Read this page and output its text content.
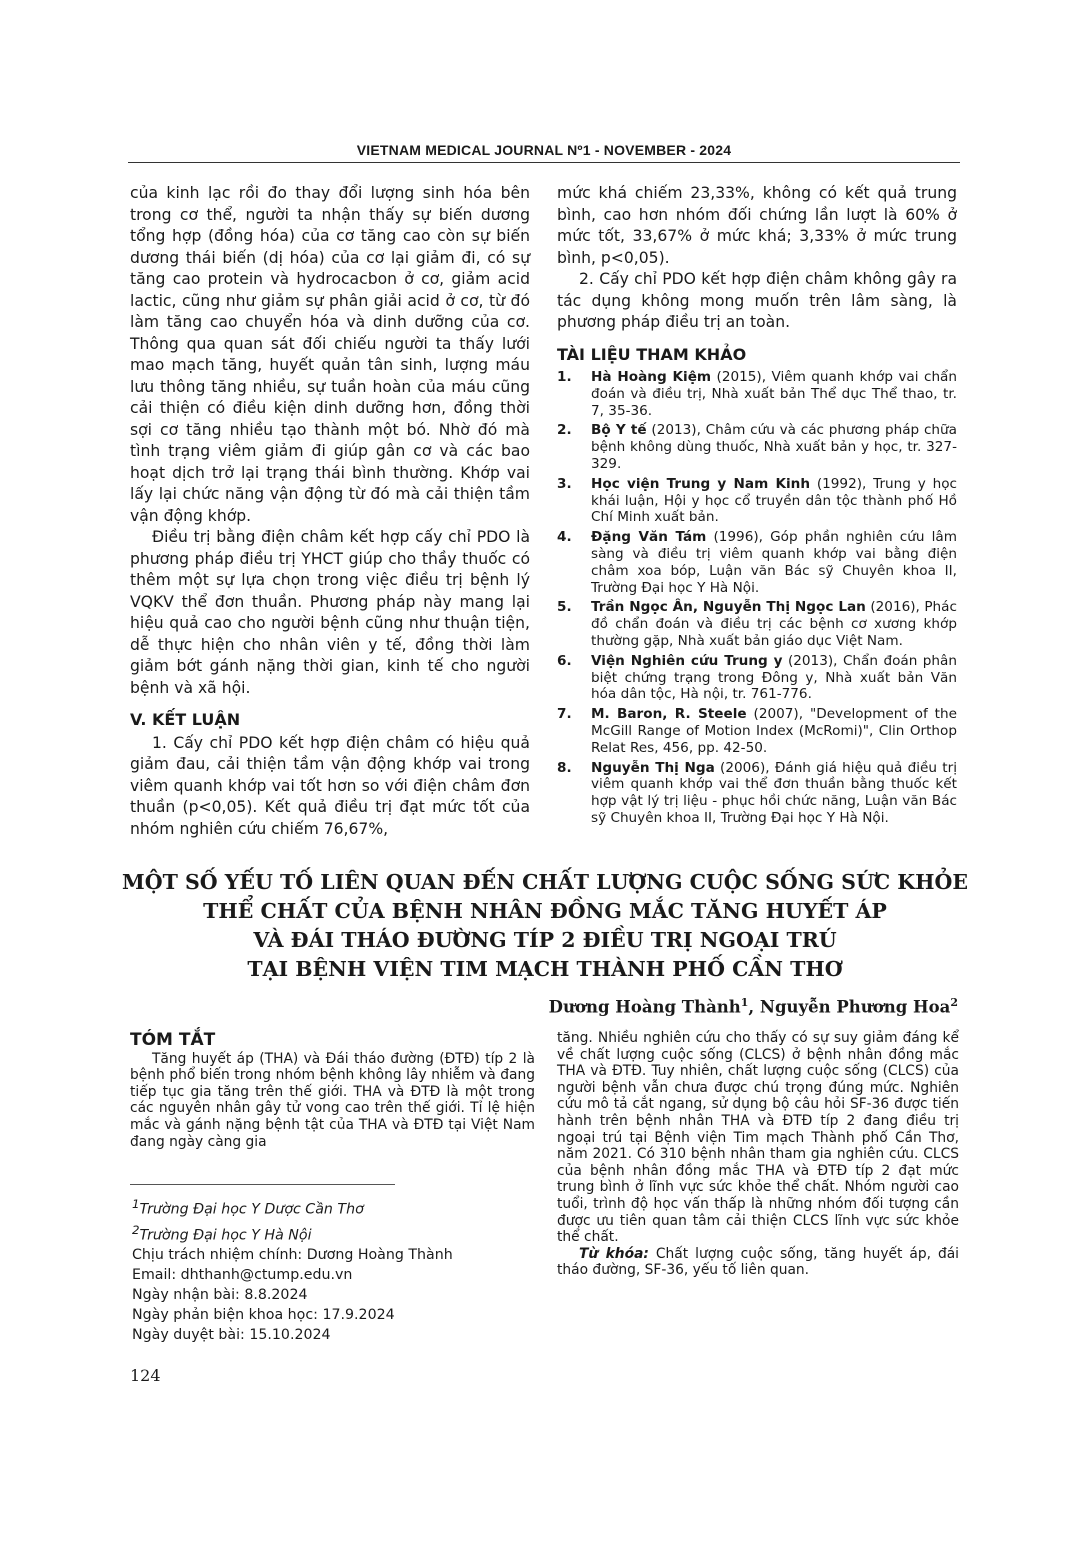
VIETNAM MEDICAL JOURNAL Nº1 - NOVEMBER - 2024

của kinh lạc rồi đo thay đổi lượng sinh hóa bên trong cơ thể, người ta nhận thấy sự biến dương tổng hợp (đồng hóa) của cơ tăng cao còn sự biến dương thái biến (dị hóa) của cơ lại giảm đi, có sự tăng cao protein và hydrocacbon ở cơ, giảm acid lactic, cũng như giảm sự phân giải acid ở cơ, từ đó làm tăng cao chuyển hóa và dinh dưỡng của cơ. Thông qua quan sát đối chiếu người ta thấy lưới mao mạch tăng, huyết quản tân sinh, lượng máu lưu thông tăng nhiều, sự tuần hoàn của máu cũng cải thiện có điều kiện dinh dưỡng hơn, đồng thời sợi cơ tăng nhiều tạo thành một bó. Nhờ đó mà tình trạng viêm giảm đi giúp gân cơ và các bao hoạt dịch trở lại trạng thái bình thường. Khớp vai lấy lại chức năng vận động từ đó mà cải thiện tầm vận động khớp.

Điều trị bằng điện châm kết hợp cấy chỉ PDO là phương pháp điều trị YHCT giúp cho thầy thuốc có thêm một sự lựa chọn trong việc điều trị bệnh lý VQKV thể đơn thuần. Phương pháp này mang lại hiệu quả cao cho người bệnh cũng như thuận tiện, dễ thực hiện cho nhân viên y tế, đồng thời làm giảm bớt gánh nặng thời gian, kinh tế cho người bệnh và xã hội.

V. KẾT LUẬN

1. Cấy chỉ PDO kết hợp điện châm có hiệu quả giảm đau, cải thiện tầm vận động khớp vai trong viêm quanh khớp vai tốt hơn so với điện châm đơn thuần (p<0,05). Kết quả điều trị đạt mức tốt của nhóm nghiên cứu chiếm 76,67%,

mức khá chiếm 23,33%, không có kết quả trung bình, cao hơn nhóm đối chứng lần lượt là 60% ở mức tốt, 33,67% ở mức khá; 3,33% ở mức trung bình, p<0,05).

2. Cấy chỉ PDO kết hợp điện châm không gây ra tác dụng không mong muốn trên lâm sàng, là phương pháp điều trị an toàn.

TÀI LIỆU THAM KHẢO
1. Hà Hoàng Kiệm (2015), Viêm quanh khớp vai chẩn đoán và điều trị, Nhà xuất bản Thể dục Thể thao, tr. 7, 35-36.
2. Bộ Y tế (2013), Châm cứu và các phương pháp chữa bệnh không dùng thuốc, Nhà xuất bản y học, tr. 327-329.
3. Học viện Trung y Nam Kinh (1992), Trung y học khái luận, Hội y học cổ truyền dân tộc thành phố Hồ Chí Minh xuất bản.
4. Đặng Văn Tám (1996), Góp phần nghiên cứu lâm sàng và điều trị viêm quanh khớp vai bằng điện châm xoa bóp, Luận văn Bác sỹ Chuyên khoa II, Trường Đại học Y Hà Nội.
5. Trần Ngọc Ân, Nguyễn Thị Ngọc Lan (2016), Phác đồ chẩn đoán và điều trị các bệnh cơ xương khớp thường gặp, Nhà xuất bản giáo dục Việt Nam.
6. Viện Nghiên cứu Trung y (2013), Chẩn đoán phân biệt chứng trạng trong Đông y, Nhà xuất bản Văn hóa dân tộc, Hà nội, tr. 761-776.
7. M. Baron, R. Steele (2007), "Development of the McGill Range of Motion Index (McRomi)", Clin Orthop Relat Res, 456, pp. 42-50.
8. Nguyễn Thị Nga (2006), Đánh giá hiệu quả điều trị viêm quanh khớp vai thể đơn thuần bằng thuốc kết hợp vật lý trị liệu - phục hồi chức năng, Luận văn Bác sỹ Chuyên khoa II, Trường Đại học Y Hà Nội.
MỘT SỐ YẾU TỐ LIÊN QUAN ĐẾN CHẤT LƯỢNG CUỘC SỐNG SỨC KHỎE
THỂ CHẤT CỦA BỆNH NHÂN ĐỒNG MẮC TĂNG HUYẾT ÁP
VÀ ĐÁI THÁO ĐƯỜNG TÍP 2 ĐIỀU TRỊ NGOẠI TRÚ
TẠI BỆNH VIỆN TIM MẠCH THÀNH PHỐ CẦN THƠ
Dương Hoàng Thành$^1$, Nguyễn Phương Hoa$^2$
TÓM TẮT

Tăng huyết áp (THA) và Đái tháo đường (ĐTĐ) típ 2 là bệnh phổ biến trong nhóm bệnh không lây nhiễm và đang tiếp tục gia tăng trên thế giới. THA và ĐTĐ là một trong các nguyên nhân gây tử vong cao trên thế giới. Tỉ lệ hiện mắc và gánh nặng bệnh tật của THA và ĐTĐ tại Việt Nam đang ngày càng gia

tăng. Nhiều nghiên cứu cho thấy có sự suy giảm đáng kể về chất lượng cuộc sống (CLCS) ở bệnh nhân đồng mắc THA và ĐTĐ. Tuy nhiên, chất lượng cuộc sống (CLCS) của người bệnh vẫn chưa được chú trọng đúng mức. Nghiên cứu mô tả cắt ngang, sử dụng bộ câu hỏi SF-36 được tiến hành trên bệnh nhân THA và ĐTĐ típ 2 đang điều trị ngoại trú tại Bệnh viện Tim mạch Thành phố Cần Thơ, năm 2021. Có 310 bệnh nhân tham gia nghiên cứu. CLCS của bệnh nhân đồng mắc THA và ĐTĐ típ 2 đạt mức trung bình ở lĩnh vực sức khỏe thể chất. Nhóm người cao tuổi, trình độ học vấn thấp là những nhóm đối tượng cần được ưu tiên quan tâm cải thiện CLCS lĩnh vực sức khỏe thể chất.

Từ khóa: Chất lượng cuộc sống, tăng huyết áp, đái tháo đường, SF-36, yếu tố liên quan.

$^1$Trường Đại học Y Dược Cần Thơ
$^2$Trường Đại học Y Hà Nội
Chịu trách nhiệm chính: Dương Hoàng Thành
Email: dhthanh@ctump.edu.vn
Ngày nhận bài: 8.8.2024
Ngày phản biện khoa học: 17.9.2024
Ngày duyệt bài: 15.10.2024
124
